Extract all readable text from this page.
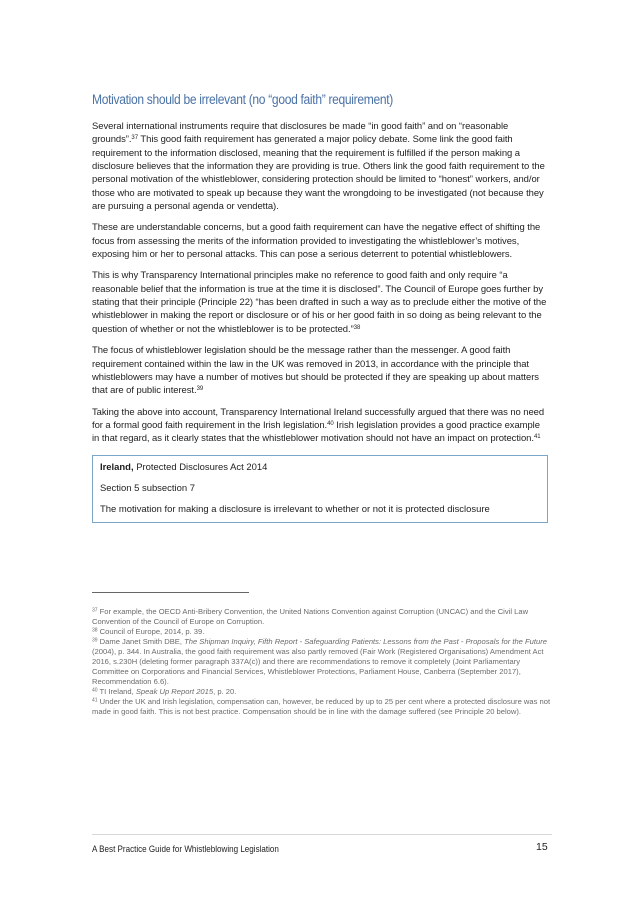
Motivation should be irrelevant (no “good faith” requirement)

Several international instruments require that disclosures be made “in good faith” and on “reasonable grounds”.$^{37}$ This good faith requirement has generated a major policy debate. Some link the good faith requirement to the information disclosed, meaning that the requirement is fulfilled if the person making a disclosure believes that the information they are providing is true. Others link the good faith requirement to the personal motivation of the whistleblower, considering protection should be limited to “honest” workers, and/or those who are motivated to speak up because they want the wrongdoing to be investigated (not because they are pursuing a personal agenda or vendetta).

These are understandable concerns, but a good faith requirement can have the negative effect of shifting the focus from assessing the merits of the information provided to investigating the whistleblower’s motives, exposing him or her to personal attacks. This can pose a serious deterrent to potential whistleblowers.

This is why Transparency International principles make no reference to good faith and only require “a reasonable belief that the information is true at the time it is disclosed”. The Council of Europe goes further by stating that their principle (Principle 22) “has been drafted in such a way as to preclude either the motive of the whistleblower in making the report or disclosure or of his or her good faith in so doing as being relevant to the question of whether or not the whistleblower is to be protected.”$^{38}$

The focus of whistleblower legislation should be the message rather than the messenger. A good faith requirement contained within the law in the UK was removed in 2013, in accordance with the principle that whistleblowers may have a number of motives but should be protected if they are speaking up about matters that are of public interest.$^{39}$

Taking the above into account, Transparency International Ireland successfully argued that there was no need for a formal good faith requirement in the Irish legislation.$^{40}$ Irish legislation provides a good practice example in that regard, as it clearly states that the whistleblower motivation should not have an impact on protection.$^{41}$

Ireland, Protected Disclosures Act 2014
Section 5 subsection 7
The motivation for making a disclosure is irrelevant to whether or not it is protected disclosure

$^{37}$ For example, the OECD Anti-Bribery Convention, the United Nations Convention against Corruption (UNCAC) and the Civil Law Convention of the Council of Europe on Corruption.

$^{38}$ Council of Europe, 2014, p. 39.

$^{39}$ Dame Janet Smith DBE, The Shipman Inquiry, Fifth Report - Safeguarding Patients: Lessons from the Past - Proposals for the Future (2004), p. 344. In Australia, the good faith requirement was also partly removed (Fair Work (Registered Organisations) Amendment Act 2016, s.230H (deleting former paragraph 337A(c)) and there are recommendations to remove it completely (Joint Parliamentary Committee on Corporations and Financial Services, Whistleblower Protections, Parliament House, Canberra (September 2017), Recommendation 6.6).

$^{40}$ TI Ireland, Speak Up Report 2015, p. 20.

$^{41}$ Under the UK and Irish legislation, compensation can, however, be reduced by up to 25 per cent where a protected disclosure was not made in good faith. This is not best practice. Compensation should be in line with the damage suffered (see Principle 20 below).

A Best Practice Guide for Whistleblowing Legislation	15
